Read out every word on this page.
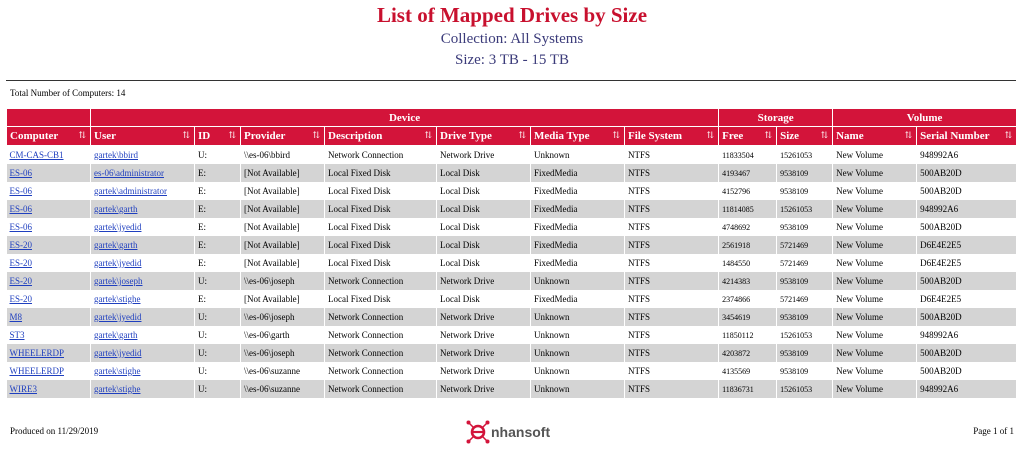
List of Mapped Drives by Size
Collection: All Systems
Size: 3 TB - 15 TB
Total Number of Computers: 14
	Device							Storage		Volume	
Computer ⇅	User ⇅	ID ⇅	Provider ⇅	Description ⇅	Drive Type ⇅	Media Type ⇅	File System ⇅	Free ⇅	Size ⇅	Name ⇅	Serial Number ⇅

CM-CAS-CB1	gartek\bbird	U:	\\es-06\bbird	Network Connection	Network Drive	Unknown	NTFS	11833504	15261053	New Volume	948992A6
ES-06	es-06\administrator	E:	[Not Available]	Local Fixed Disk	Local Disk	FixedMedia	NTFS	4193467	9538109	New Volume	500AB20D
ES-06	gartek\administrator	E:	[Not Available]	Local Fixed Disk	Local Disk	FixedMedia	NTFS	4152796	9538109	New Volume	500AB20D
ES-06	gartek\garth	E:	[Not Available]	Local Fixed Disk	Local Disk	FixedMedia	NTFS	11814085	15261053	New Volume	948992A6
ES-06	gartek\jyedid	E:	[Not Available]	Local Fixed Disk	Local Disk	FixedMedia	NTFS	4748692	9538109	New Volume	500AB20D
ES-20	gartek\garth	E:	[Not Available]	Local Fixed Disk	Local Disk	FixedMedia	NTFS	2561918	5721469	New Volume	D6E4E2E5
ES-20	gartek\jyedid	E:	[Not Available]	Local Fixed Disk	Local Disk	FixedMedia	NTFS	1484550	5721469	New Volume	D6E4E2E5
ES-20	gartek\joseph	U:	\\es-06\joseph	Network Connection	Network Drive	Unknown	NTFS	4214383	9538109	New Volume	500AB20D
ES-20	gartek\stighe	E:	[Not Available]	Local Fixed Disk	Local Disk	FixedMedia	NTFS	2374866	5721469	New Volume	D6E4E2E5
M8	gartek\jyedid	U:	\\es-06\joseph	Network Connection	Network Drive	Unknown	NTFS	3454619	9538109	New Volume	500AB20D
ST3	gartek\garth	U:	\\es-06\garth	Network Connection	Network Drive	Unknown	NTFS	11850112	15261053	New Volume	948992A6
WHEELERDP	gartek\jyedid	U:	\\es-06\joseph	Network Connection	Network Drive	Unknown	NTFS	4203872	9538109	New Volume	500AB20D
WHEELERDP	gartek\stighe	U:	\\es-06\suzanne	Network Connection	Network Drive	Unknown	NTFS	4135569	9538109	New Volume	500AB20D
WIRE3	gartek\stighe	U:	\\es-06\suzanne	Network Connection	Network Drive	Unknown	NTFS	11836731	15261053	New Volume	948992A6
Produced on 11/29/2019	nhansoft	Page 1 of 1
